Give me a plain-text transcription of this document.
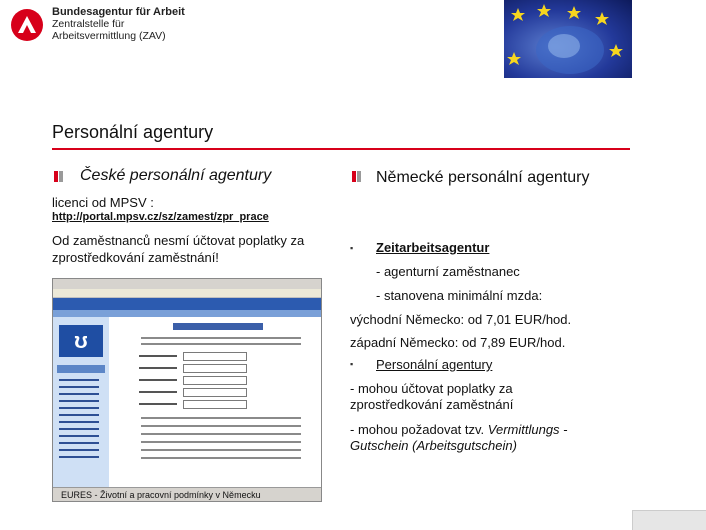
Bundesagentur für Arbeit
Zentralstelle für
Arbeitsvermittlung (ZAV)
Personální agentury
České personální agentury
licenci od MPSV :
http://portal.mpsv.cz/sz/zamest/zpr_prace
Od zaměstnanců nesmí účtovat poplatky za zprostředkování zaměstnání!
ʊ
EURES - Životní a pracovní podmínky v Německu
Německé personální agentury
▪ Zeitarbeitsagentur
- agenturní zaměstnanec
- stanovena minimální mzda:
východní Německo: od 7,01 EUR/hod.
západní Německo: od 7,89 EUR/hod.
▪ Personální agentury
- mohou účtovat poplatky za zprostředkování zaměstnání
- mohou požadovat tzv. Vermittlungs - Gutschein (Arbeitsgutschein)
